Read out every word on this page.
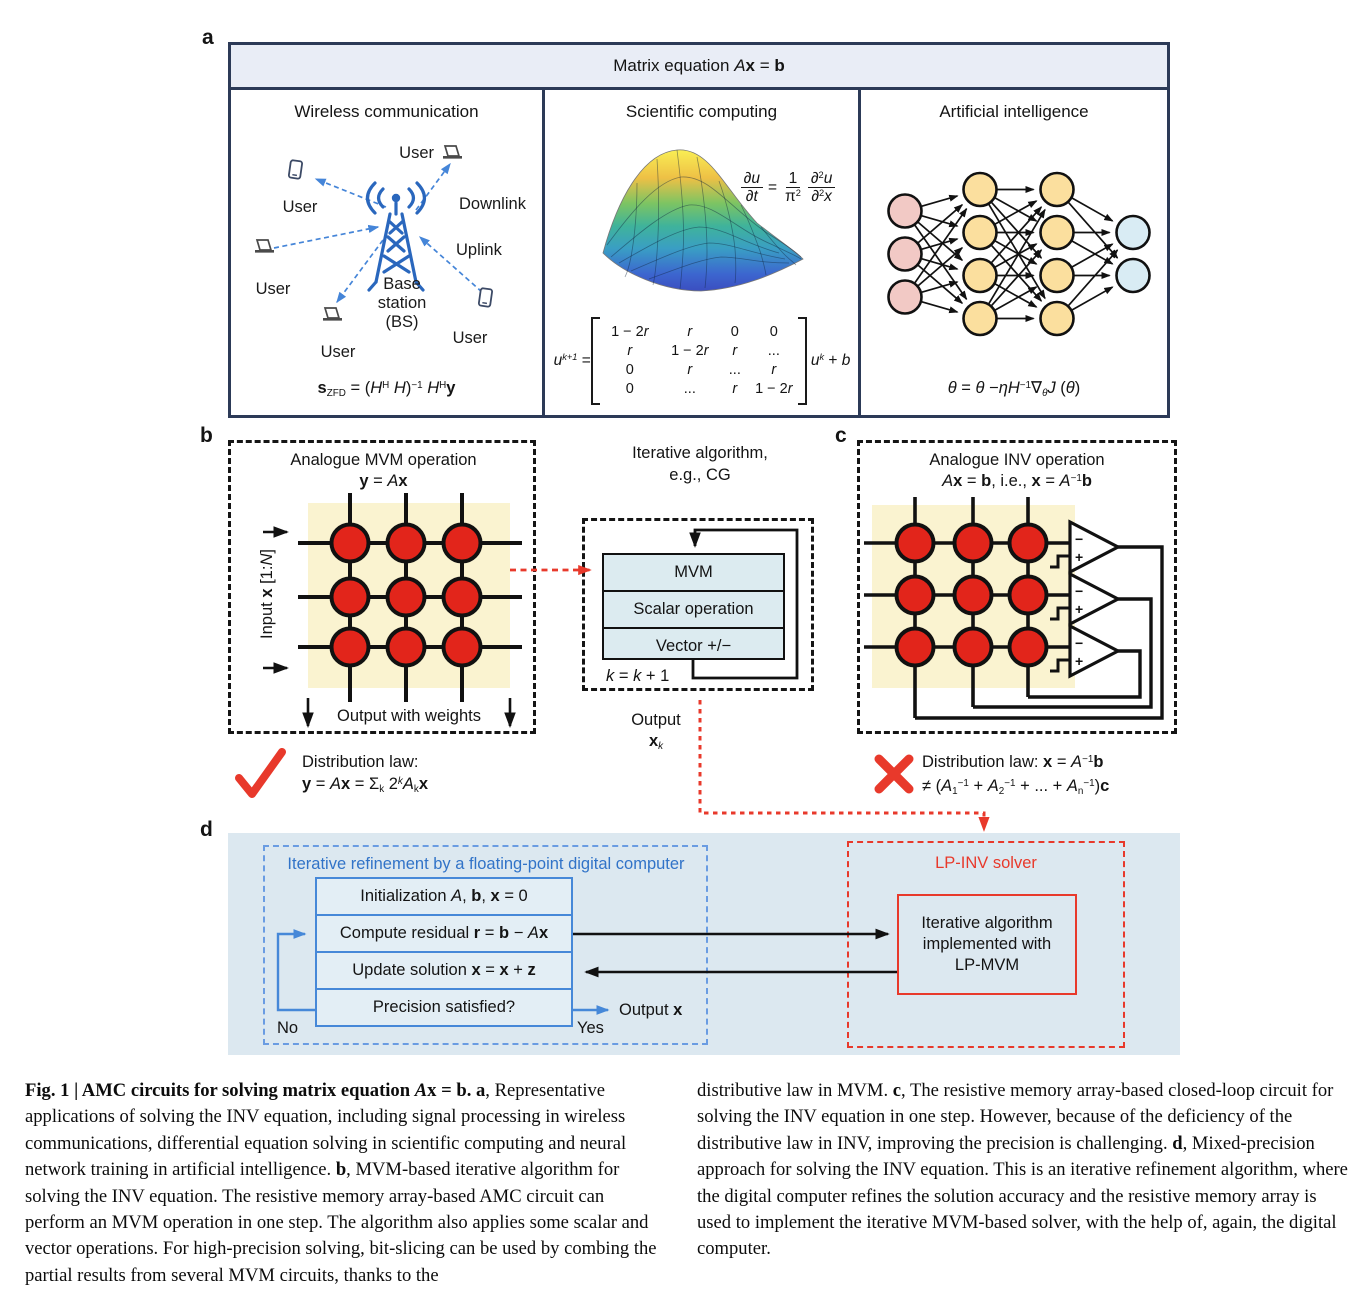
a
Matrix equation Ax = b
Wireless communication
User
User
User
User
User
Downlink
Uplink
Base
station
(BS)
sZFD = ($H^H$ H)$^{-1}$ $H^Hy$
Scientific computing
$\frac{\partial u}{\partial t} = \frac{1}{\pi^2} \frac{\partial^2u}{\partial^2x}$
$u^{k+1}$ =
1 − 2r	r	0	0
r	1 − 2r	r	...
0	r	...	r
0	...	r	1 − 2r
$u^k + b$
Artificial intelligence
$\theta = \theta -\eta H^{-1}\nabla\theta J$ (θ)
b
Analogue MVM operation
y = Ax
Output with weights
Input x [1:N]
Distribution law:
y = Ax = Σk 2$^k$Akx
Iterative algorithm,
e.g., CG
MVM
Scalar operation
Vector +/−
k = k + 1
Output
xk
c
Analogue INV operation
Ax = b, i.e., $x = A^{-1}b$
−
+
−
+
−
+
Distribution law: $x = A^{-1}b$
≠ ($A1^{-1} + A2^{-1}$ + ... + $An^{-1})c$
d
Iterative refinement by a floating-point digital computer
Initialization A, b, x = 0
Compute residual r = b − Ax
Update solution x = x + z
Precision satisfied?
No	Yes
Output x
LP-INV solver
Iterative algorithm
implemented with
LP-MVM
Fig. 1 | AMC circuits for solving matrix equation Ax = b. a, Representative applications of solving the INV equation, including signal processing in wireless communications, differential equation solving in scientific computing and neural network training in artificial intelligence. b, MVM-based iterative algorithm for solving the INV equation. The resistive memory array-based AMC circuit can perform an MVM operation in one step. The algorithm also applies some scalar and vector operations. For high-precision solving, bit-slicing can be used by combing the partial results from several MVM circuits, thanks to the
distributive law in MVM. c, The resistive memory array-based closed-loop circuit for solving the INV equation in one step. However, because of the deficiency of the distributive law in INV, improving the precision is challenging. d, Mixed-precision approach for solving the INV equation. This is an iterative refinement algorithm, where the digital computer refines the solution accuracy and the resistive memory array is used to implement the iterative MVM-based solver, with the help of, again, the digital computer.
